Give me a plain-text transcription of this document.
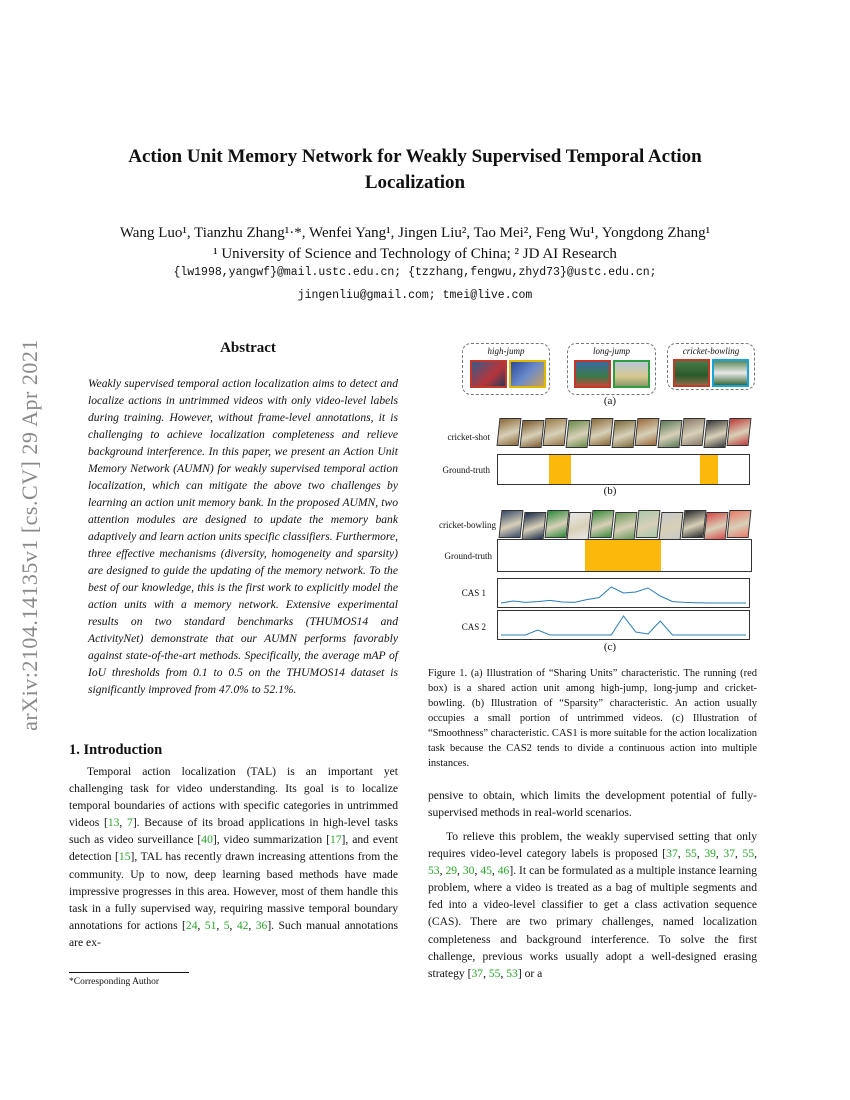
Action Unit Memory Network for Weakly Supervised Temporal Action Localization
Wang Luo¹, Tianzhu Zhang¹·*, Wenfei Yang¹, Jingen Liu², Tao Mei², Feng Wu¹, Yongdong Zhang¹
¹ University of Science and Technology of China; ² JD AI Research
{lw1998,yangwf}@mail.ustc.edu.cn; {tzzhang,fengwu,zhyd73}@ustc.edu.cn;
jingenliu@gmail.com; tmei@live.com
arXiv:2104.14135v1 [cs.CV] 29 Apr 2021	Abstract
Weakly supervised temporal action localization aims to detect and localize actions in untrimmed videos with only video-level labels during training. However, without frame-level annotations, it is challenging to achieve localization completeness and relieve background interference. In this paper, we present an Action Unit Memory Network (AUMN) for weakly supervised temporal action localization, which can mitigate the above two challenges by learning an action unit memory bank. In the proposed AUMN, two attention modules are designed to update the memory bank adaptively and learn action units specific classifiers. Furthermore, three effective mechanisms (diversity, homogeneity and sparsity) are designed to guide the updating of the memory network. To the best of our knowledge, this is the first work to explicitly model the action units with a memory network. Extensive experimental results on two standard benchmarks (THUMOS14 and ActivityNet) demonstrate that our AUMN performs favorably against state-of-the-art methods. Specifically, the average mAP of IoU thresholds from 0.1 to 0.5 on the THUMOS14 dataset is significantly improved from 47.0% to 52.1%.
1. Introduction
Temporal action localization (TAL) is an important yet challenging task for video understanding. Its goal is to localize temporal boundaries of actions with specific categories in untrimmed videos [13, 7]. Because of its broad applications in high-level tasks such as video surveillance [40], video summarization [17], and event detection [15], TAL has recently drawn increasing attentions from the community. Up to now, deep learning based methods have made impressive progresses in this area. However, most of them handle this task in a fully supervised way, requiring massive temporal boundary annotations for actions [24, 51, 5, 42, 36]. Such manual annotations are ex-
*Corresponding Author
pensive to obtain, which limits the development potential of fully-supervised methods in real-world scenarios.
To relieve this problem, the weakly supervised setting that only requires video-level category labels is proposed [37, 55, 39, 37, 55, 53, 29, 30, 45, 46]. It can be formulated as a multiple instance learning problem, where a video is treated as a bag of multiple segments and fed into a video-level classifier to get a class activation sequence (CAS). There are two primary challenges, named localization completeness and background interference. To solve the first challenge, previous works usually adopt a well-designed erasing strategy [37, 55, 53] or a
high-jump	long-jump	cricket-bowling
(a)
cricket-shot
Ground-truth
(b)
cricket-bowling
Ground-truth
CAS 1
CAS 2
(c)
Figure 1. (a) Illustration of “Sharing Units” characteristic. The running (red box) is a shared action unit among high-jump, long-jump and cricket-bowling. (b) Illustration of “Sparsity” characteristic. An action usually occupies a small portion of untrimmed videos. (c) Illustration of “Smoothness” characteristic. CAS1 is more suitable for the action localization task because the CAS2 tends to divide a continuous action into multiple instances.
